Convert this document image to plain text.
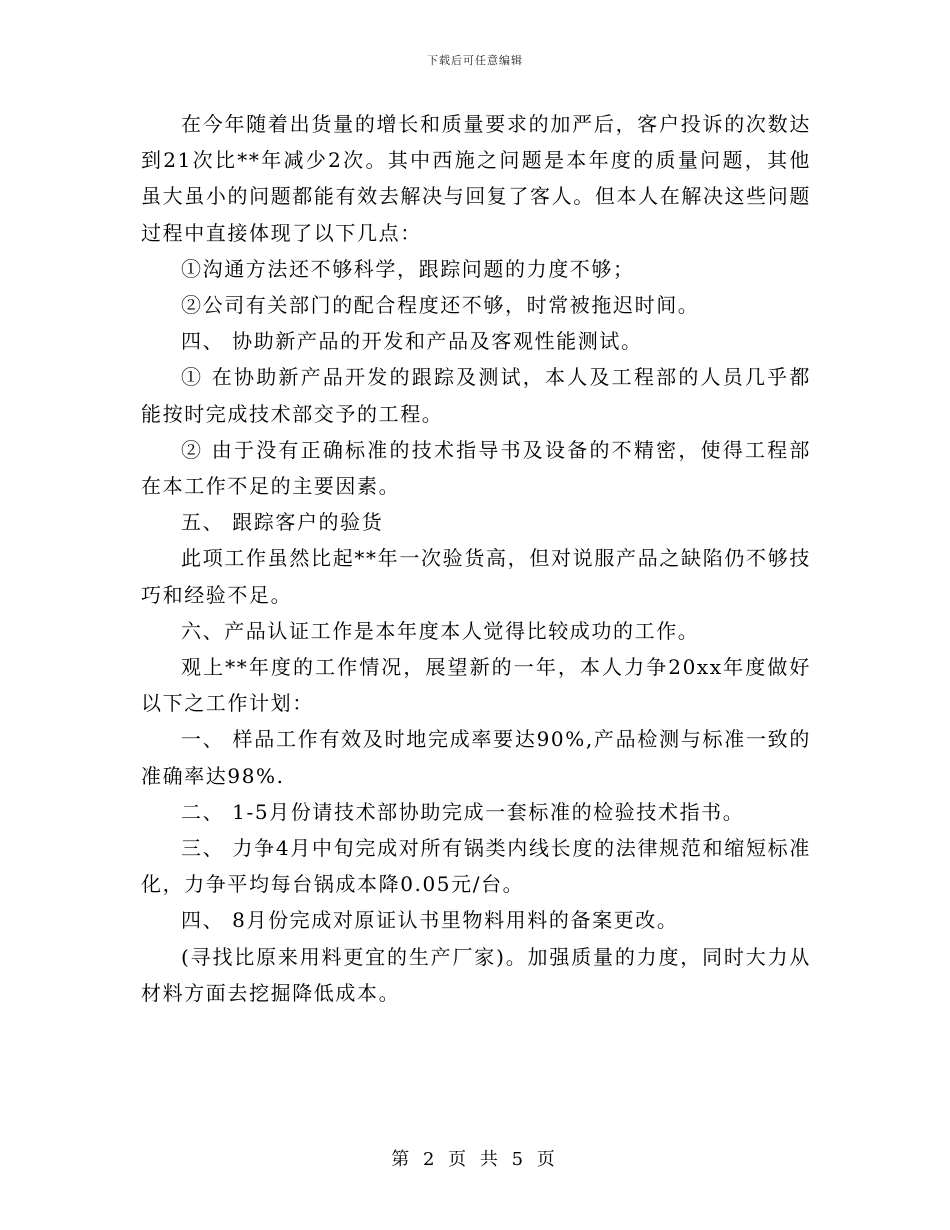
下载后可任意编辑

在今年随着出货量的增长和质量要求的加严后，客户投诉的次数达到21次比**年减少2次。其中西施之问题是本年度的质量问题，其他虽大虽小的问题都能有效去解决与回复了客人。但本人在解决这些问题过程中直接体现了以下几点：

①沟通方法还不够科学，跟踪问题的力度不够；

②公司有关部门的配合程度还不够，时常被拖迟时间。

四、 协助新产品的开发和产品及客观性能测试。

① 在协助新产品开发的跟踪及测试，本人及工程部的人员几乎都能按时完成技术部交予的工程。

② 由于没有正确标准的技术指导书及设备的不精密，使得工程部在本工作不足的主要因素。

五、 跟踪客户的验货

此项工作虽然比起**年一次验货高，但对说服产品之缺陷仍不够技巧和经验不足。

六、产品认证工作是本年度本人觉得比较成功的工作。

观上**年度的工作情况，展望新的一年，本人力争20xx年度做好以下之工作计划：

一、 样品工作有效及时地完成率要达90%,产品检测与标准一致的准确率达98%.

二、 1-5月份请技术部协助完成一套标准的检验技术指书。

三、 力争4月中旬完成对所有锅类内线长度的法律规范和缩短标准化，力争平均每台锅成本降0.05元/台。

四、 8月份完成对原证认书里物料用料的备案更改。

(寻找比原来用料更宜的生产厂家)。加强质量的力度，同时大力从材料方面去挖掘降低成本。

第 2 页 共 5 页
